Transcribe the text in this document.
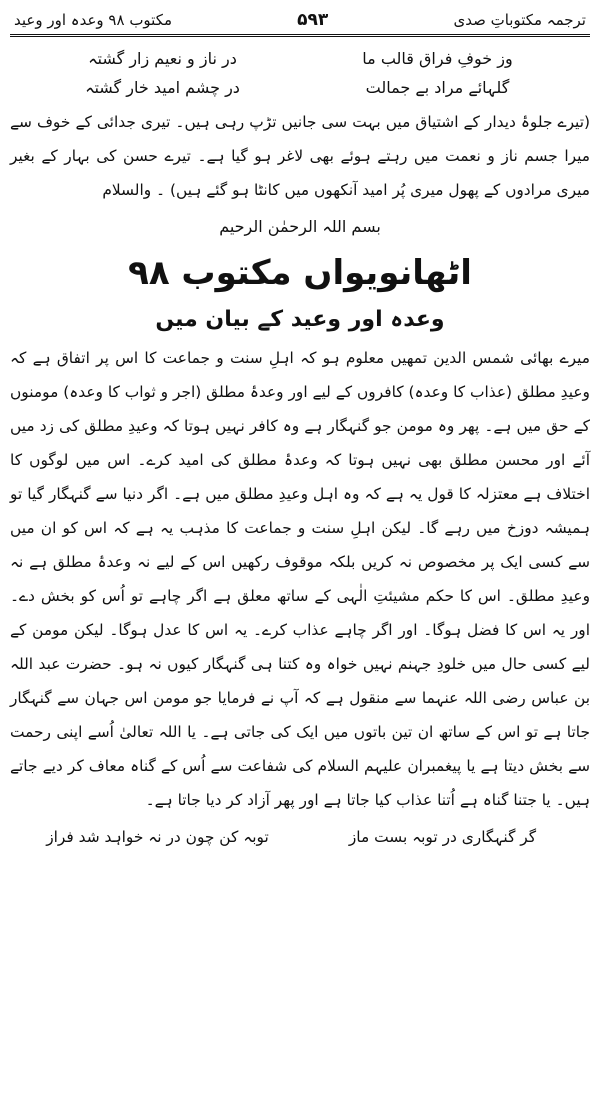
ترجمہ مکتوباتِ صدی
۵۹۳
مکتوب ۹۸ وعدہ اور وعید
وز خوفِ فراق قالب ما
در ناز و نعیم زار گشتہ
گلہائے مراد بے جمالت
در چشم امید خار گشتہ

(تیرے جلوۂ دیدار کے اشتیاق میں بہت سی جانیں تڑپ رہی ہیں۔ تیری جدائی کے خوف سے میرا جسم ناز و نعمت میں رہتے ہوئے بھی لاغر ہو گیا ہے۔ تیرے حسن کی بہار کے بغیر میری مرادوں کے پھول میری پُر امید آنکھوں میں کانٹا ہو گئے ہیں) ۔ والسلام

بسم اللہ الرحمٰن الرحیم
اٹھانویواں مکتوب ۹۸
وعدہ اور وعید کے بیان میں

میرے بھائی شمس الدین تمھیں معلوم ہو کہ اہلِ سنت و جماعت کا اس پر اتفاق ہے کہ وعیدِ مطلق (عذاب کا وعدہ) کافروں کے لیے اور وعدۂ مطلق (اجر و ثواب کا وعدہ) مومنوں کے حق میں ہے۔ پھر وہ مومن جو گنہگار ہے وہ کافر نہیں ہوتا کہ وعیدِ مطلق کی زد میں آئے اور محسن مطلق بھی نہیں ہوتا کہ وعدۂ مطلق کی امید کرے۔ اس میں لوگوں کا اختلاف ہے معتزلہ کا قول یہ ہے کہ وہ اہل وعیدِ مطلق میں ہے۔ اگر دنیا سے گنہگار گیا تو ہمیشہ دوزخ میں رہے گا۔ لیکن اہلِ سنت و جماعت کا مذہب یہ ہے کہ اس کو ان میں سے کسی ایک پر مخصوص نہ کریں بلکہ موقوف رکھیں اس کے لیے نہ وعدۂ مطلق ہے نہ وعیدِ مطلق۔ اس کا حکم مشیئتِ الٰہی کے ساتھ معلق ہے اگر چاہے تو اُس کو بخش دے۔ اور یہ اس کا فضل ہوگا۔ اور اگر چاہے عذاب کرے۔ یہ اس کا عدل ہوگا۔ لیکن مومن کے لیے کسی حال میں خلودِ جہنم نہیں خواہ وہ کتنا ہی گنہگار کیوں نہ ہو۔ حضرت عبد اللہ بن عباس رضی اللہ عنہما سے منقول ہے کہ آپ نے فرمایا جو مومن اس جہان سے گنہگار جاتا ہے تو اس کے ساتھ ان تین باتوں میں ایک کی جاتی ہے۔ یا اللہ تعالیٰ اُسے اپنی رحمت سے بخش دیتا ہے یا پیغمبران علیہم السلام کی شفاعت سے اُس کے گناہ معاف کر دیے جاتے ہیں۔ یا جتنا گناہ ہے اُتنا عذاب کیا جاتا ہے اور پھر آزاد کر دیا جاتا ہے۔

گر گنہگاری در توبہ بست ماز
توبہ کن چون در نہ خواہد شد فراز
